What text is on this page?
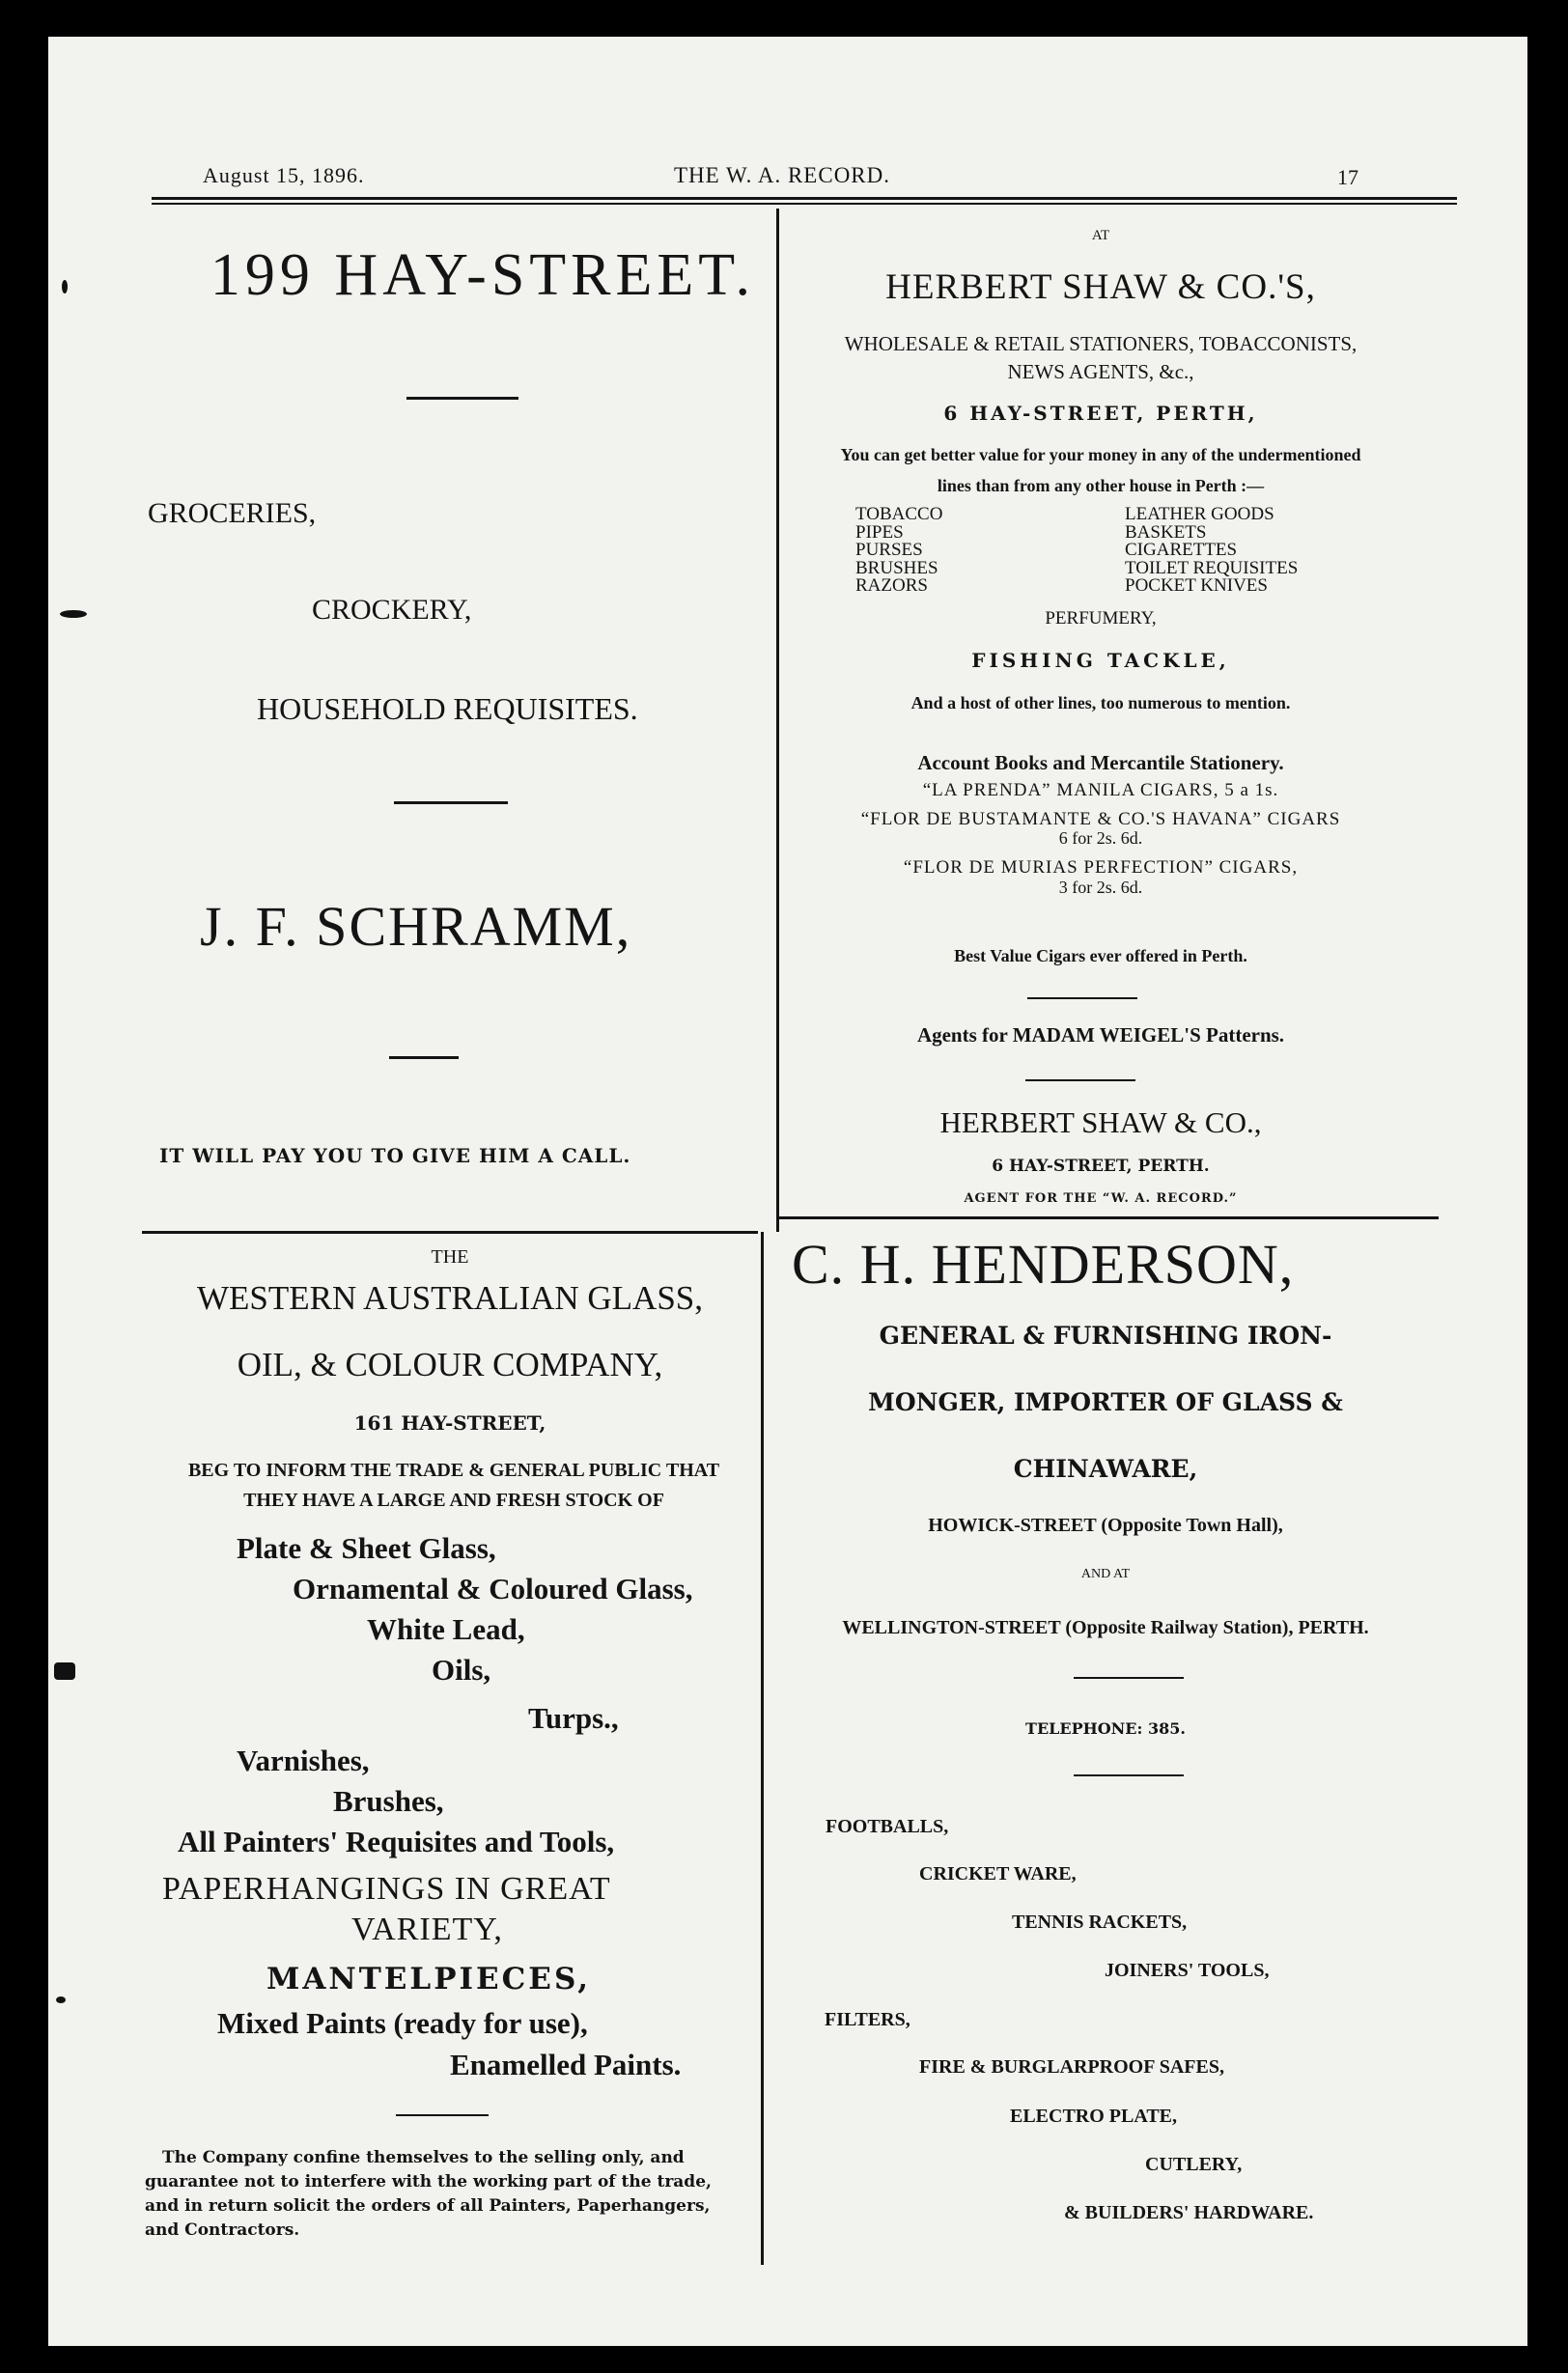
August 15, 1896.	THE W. A. RECORD.	17
199 HAY-STREET.
GROCERIES,
CROCKERY,
HOUSEHOLD REQUISITES.
J. F. SCHRAMM,
IT WILL PAY YOU TO GIVE HIM A CALL.
THE
WESTERN AUSTRALIAN GLASS,
OIL, & COLOUR COMPANY,
161 HAY-STREET,
BEG TO INFORM THE TRADE & GENERAL PUBLIC THAT
THEY HAVE A LARGE AND FRESH STOCK OF
Plate & Sheet Glass,
Ornamental & Coloured Glass,
White Lead,
Oils,
Turps.,
Varnishes,
Brushes,
All Painters' Requisites and Tools,
PAPERHANGINGS IN GREAT
VARIETY,
MANTELPIECES,
Mixed Paints (ready for use),
Enamelled Paints.
The Company confine themselves to the selling only, and
guarantee not to interfere with the working part of the trade,
and in return solicit the orders of all Painters, Paperhangers,
and Contractors.
AT
HERBERT SHAW & CO.'S,
WHOLESALE & RETAIL STATIONERS, TOBACCONISTS,
NEWS AGENTS, &c.,
6 HAY-STREET, PERTH,
You can get better value for your money in any of the undermentioned
lines than from any other house in Perth :—
TOBACCO
PIPES
PURSES
BRUSHES
RAZORS
LEATHER GOODS
BASKETS
CIGARETTES
TOILET REQUISITES
POCKET KNIVES
PERFUMERY,
FISHING TACKLE,
And a host of other lines, too numerous to mention.
Account Books and Mercantile Stationery.
“LA PRENDA” MANILA CIGARS, 5 a 1s.
“FLOR DE BUSTAMANTE & CO.'S HAVANA” CIGARS
6 for 2s. 6d.
“FLOR DE MURIAS PERFECTION” CIGARS,
3 for 2s. 6d.
Best Value Cigars ever offered in Perth.
Agents for MADAM WEIGEL'S Patterns.
HERBERT SHAW & CO.,
6 HAY-STREET, PERTH.
AGENT FOR THE “W. A. RECORD.”
C. H. HENDERSON,
GENERAL & FURNISHING IRON-
MONGER, IMPORTER OF GLASS &
CHINAWARE,
HOWICK-STREET (Opposite Town Hall),
AND AT
WELLINGTON-STREET (Opposite Railway Station), PERTH.
TELEPHONE: 385.
FOOTBALLS,
CRICKET WARE,
TENNIS RACKETS,
JOINERS' TOOLS,
FILTERS,
FIRE & BURGLARPROOF SAFES,
ELECTRO PLATE,
CUTLERY,
& BUILDERS' HARDWARE.
